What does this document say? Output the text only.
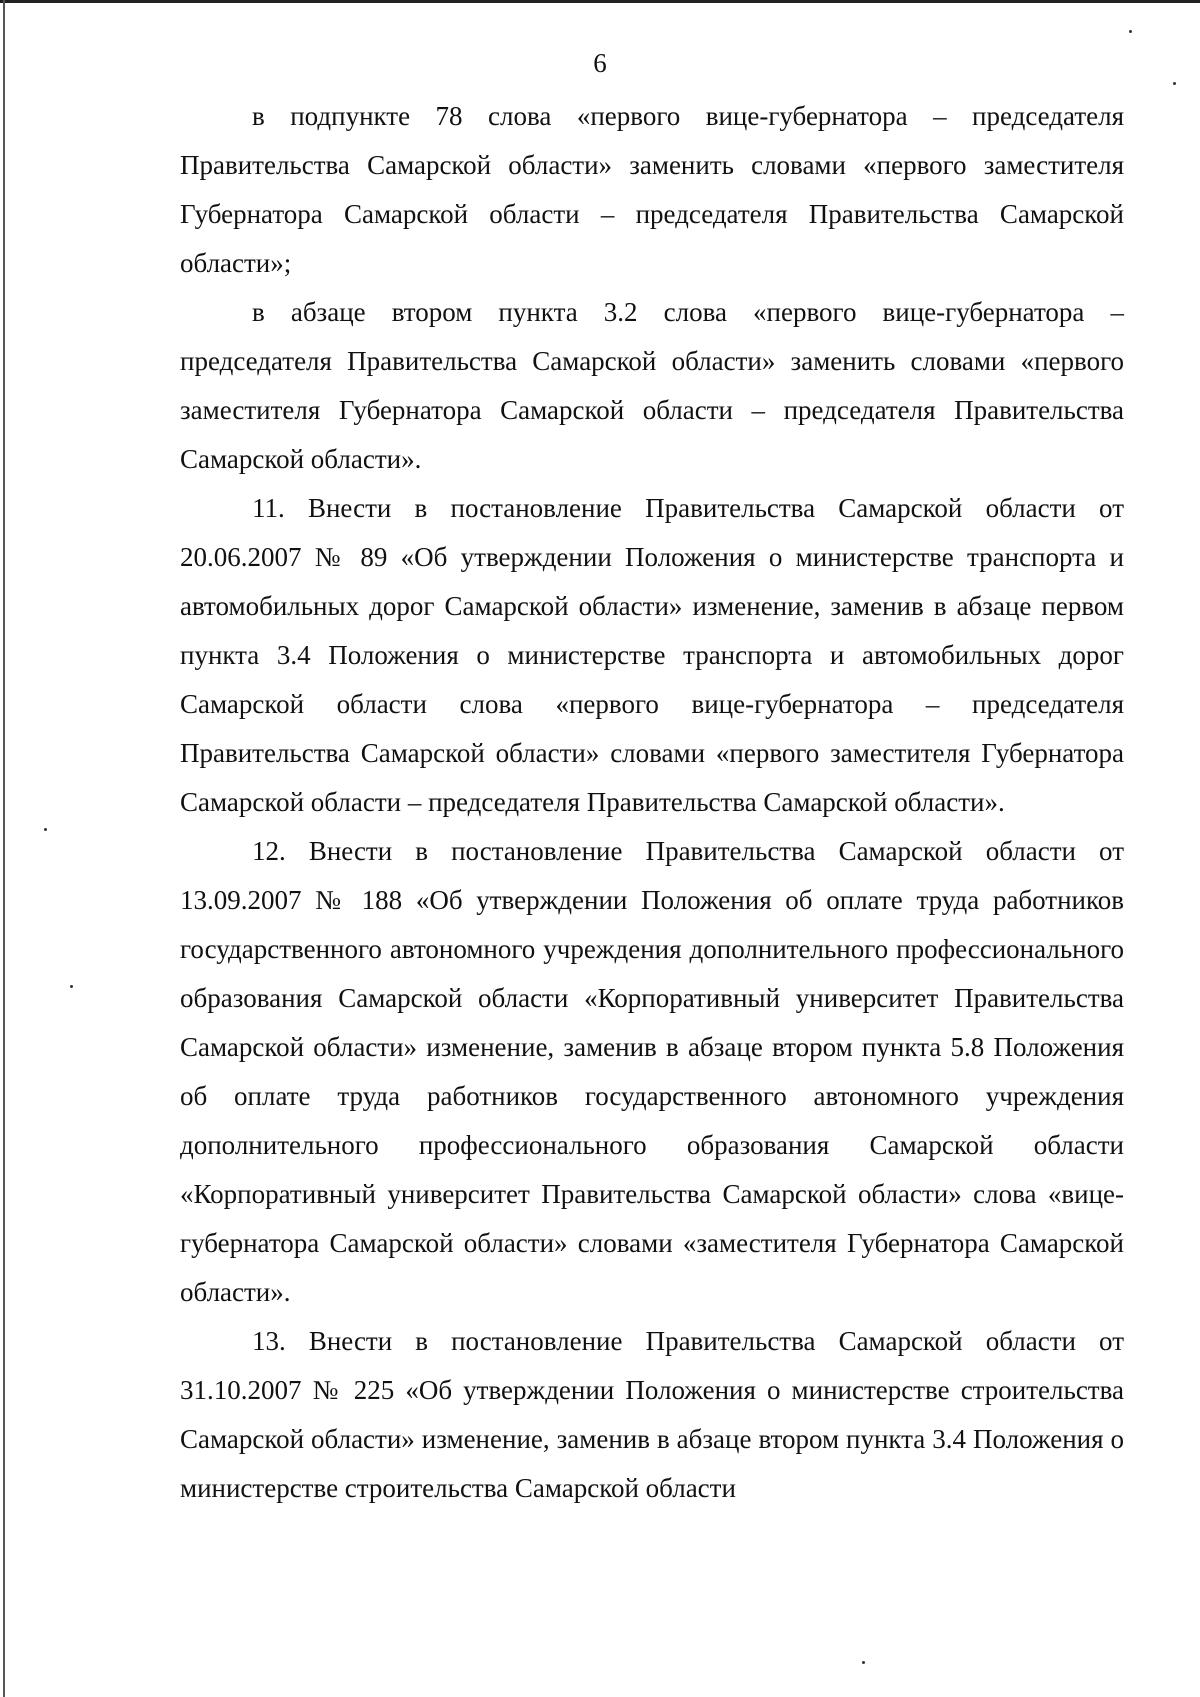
6

в подпункте 78 слова «первого вице-губернатора – председателя Правительства Самарской области» заменить словами «первого заместителя Губернатора Самарской области – председателя Правительства Самарской области»;

в абзаце втором пункта 3.2 слова «первого вице-губернатора – председателя Правительства Самарской области» заменить словами «первого заместителя Губернатора Самарской области – председателя Правительства Самарской области».

11. Внести в постановление Правительства Самарской области от 20.06.2007 № 89 «Об утверждении Положения о министерстве транспорта и автомобильных дорог Самарской области» изменение, заменив в абзаце первом пункта 3.4 Положения о министерстве транспорта и автомобильных дорог Самарской области слова «первого вице-губернатора – председателя Правительства Самарской области» словами «первого заместителя Губернатора Самарской области – председателя Правительства Самарской области».

12. Внести в постановление Правительства Самарской области от 13.09.2007 № 188 «Об утверждении Положения об оплате труда работников государственного автономного учреждения дополнительного профессионального образования Самарской области «Корпоративный университет Правительства Самарской области» изменение, заменив в абзаце втором пункта 5.8 Положения об оплате труда работников государственного автономного учреждения дополнительного профессионального образования Самарской области «Корпоративный университет Правительства Самарской области» слова «вице-губернатора Самарской области» словами «заместителя Губернатора Самарской области».

13. Внести в постановление Правительства Самарской области от 31.10.2007 № 225 «Об утверждении Положения о министерстве строительства Самарской области» изменение, заменив в абзаце втором пункта 3.4 Положения о министерстве строительства Самарской области
